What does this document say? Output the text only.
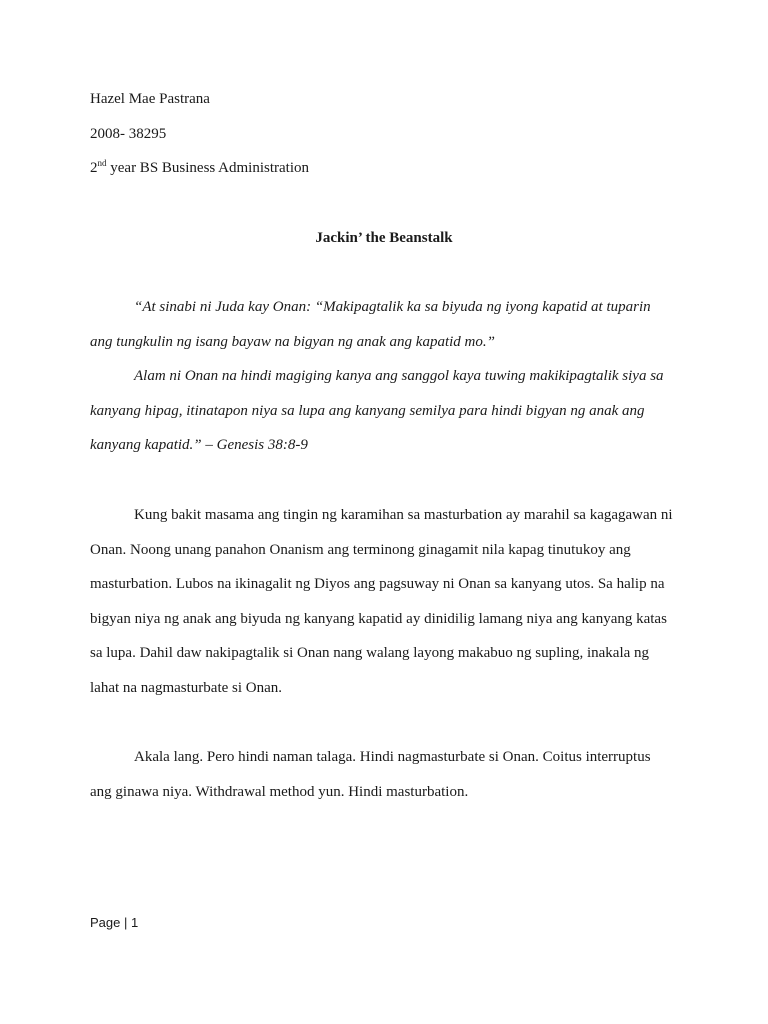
Hazel Mae Pastrana
2008- 38295
2nd year BS Business Administration
Jackin’ the Beanstalk
“At sinabi ni Juda kay Onan: “Makipagtalik ka sa biyuda ng iyong kapatid at tuparin
ang tungkulin ng isang bayaw na bigyan ng anak ang kapatid mo.”
Alam ni Onan na hindi magiging kanya ang sanggol kaya tuwing makikipagtalik siya sa
kanyang hipag, itinatapon niya sa lupa ang kanyang semilya para hindi bigyan ng anak ang
kanyang kapatid.” – Genesis 38:8-9
Kung bakit masama ang tingin ng karamihan sa masturbation ay marahil sa kagagawan ni
Onan. Noong unang panahon Onanism ang terminong ginagamit nila kapag tinutukoy ang
masturbation. Lubos na ikinagalit ng Diyos ang pagsuway ni Onan sa kanyang utos. Sa halip na
bigyan niya ng anak ang biyuda ng kanyang kapatid ay dinidilig lamang niya ang kanyang katas
sa lupa. Dahil daw nakipagtalik si Onan nang walang layong makabuo ng supling, inakala ng
lahat na nagmasturbate si Onan.
Akala lang. Pero hindi naman talaga. Hindi nagmasturbate si Onan. Coitus interruptus
ang ginawa niya. Withdrawal method yun. Hindi masturbation.
Page | 1
